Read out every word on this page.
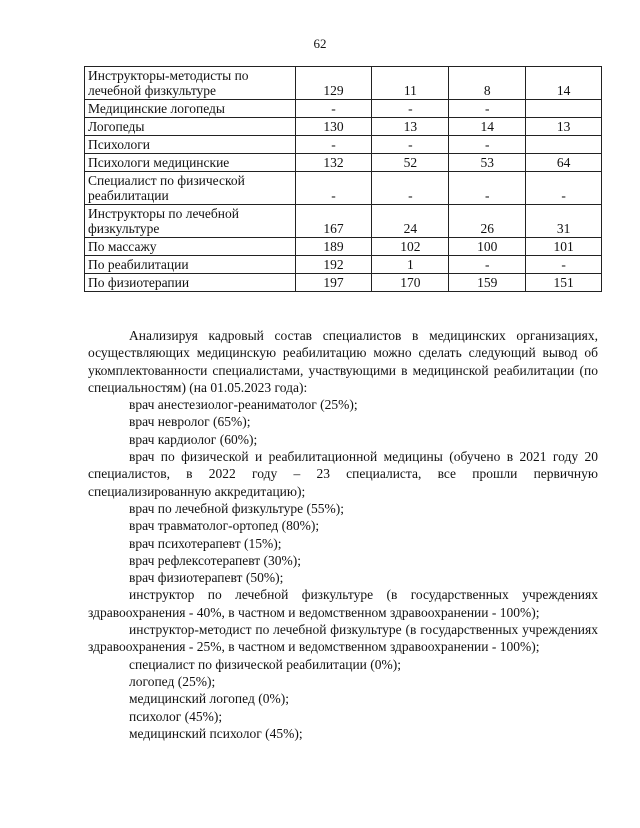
62
Инструкторы-методисты по лечебной физкультуре	129	11	8	14
Медицинские логопеды	-	-	-	
Логопеды	130	13	14	13
Психологи	-	-	-	
Психологи медицинские	132	52	53	64
Специалист по физической реабилитации	-	-	-	-
Инструкторы по лечебной физкультуре	167	24	26	31
По массажу	189	102	100	101
По реабилитации	192	1	-	-
По физиотерапии	197	170	159	151

Анализируя кадровый состав специалистов в медицинских организациях, осуществляющих медицинскую реабилитацию можно сделать следующий вывод об укомплектованности специалистами, участвующими в медицинской реабилитации (по специальностям) (на 01.05.2023 года):

врач анестезиолог-реаниматолог (25%);

врач невролог (65%);

врач кардиолог (60%);

врач по физической и реабилитационной медицины (обучено в 2021 году 20 специалистов, в 2022 году – 23 специалиста, все прошли первичную специализированную аккредитацию);

врач по лечебной физкультуре (55%);

врач травматолог-ортопед (80%);

врач психотерапевт (15%);

врач рефлексотерапевт (30%);

врач физиотерапевт (50%);

инструктор по лечебной физкультуре (в государственных учреждениях здравоохранения - 40%, в частном и ведомственном здравоохранении - 100%);

инструктор-методист по лечебной физкультуре (в государственных учреждениях здравоохранения - 25%, в частном и ведомственном здравоохранении - 100%);

специалист по физической реабилитации (0%);

логопед (25%);

медицинский логопед (0%);

психолог (45%);

медицинский психолог (45%);
